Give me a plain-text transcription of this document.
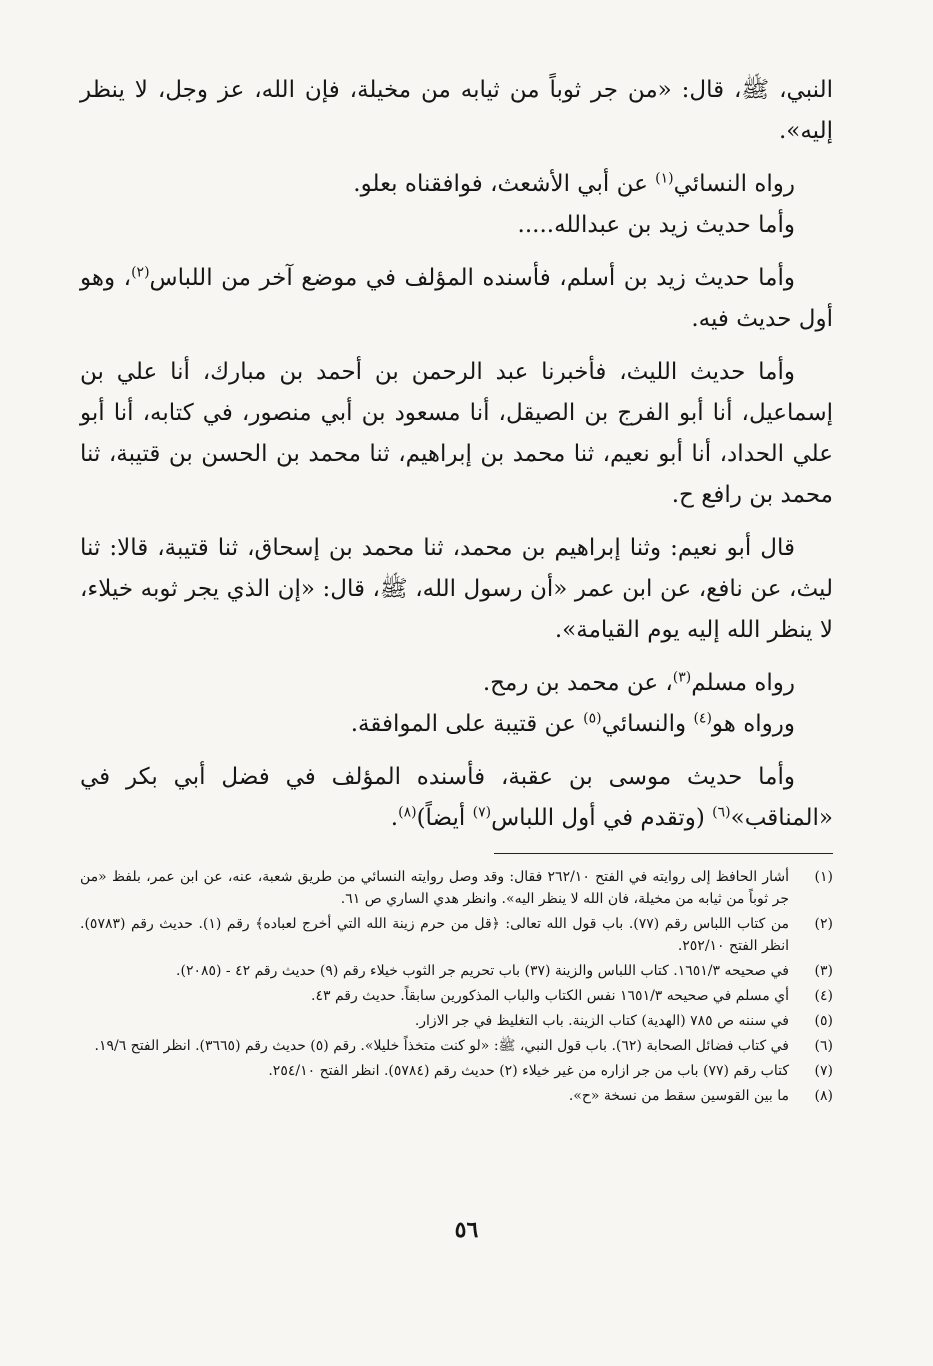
النبي، ﷺ، قال: «من جر ثوباً من ثيابه من مخيلة، فإن الله، عز وجل، لا ينظر إليه».

رواه النسائي$^{(١)}$ عن أبي الأشعث، فوافقناه بعلو.

وأما حديث زيد بن عبدالله.....

وأما حديث زيد بن أسلم، فأسنده المؤلف في موضع آخر من اللباس$^{(٢)}$، وهو أول حديث فيه.

وأما حديث الليث، فأخبرنا عبد الرحمن بن أحمد بن مبارك، أنا علي بن إسماعيل، أنا أبو الفرج بن الصيقل، أنا مسعود بن أبي منصور، في كتابه، أنا أبو علي الحداد، أنا أبو نعيم، ثنا محمد بن إبراهيم، ثنا محمد بن الحسن بن قتيبة، ثنا محمد بن رافع ح.

قال أبو نعيم: وثنا إبراهيم بن محمد، ثنا محمد بن إسحاق، ثنا قتيبة، قالا: ثنا ليث، عن نافع، عن ابن عمر «أن رسول الله، ﷺ، قال: «إن الذي يجر ثوبه خيلاء، لا ينظر الله إليه يوم القيامة».

رواه مسلم$^{(٣)}$، عن محمد بن رمح.

ورواه هو$^{(٤)}$ والنسائي$^{(٥)}$ عن قتيبة على الموافقة.

وأما حديث موسى بن عقبة، فأسنده المؤلف في فضل أبي بكر في «المناقب»$^{(٦)}$ (وتقدم في أول اللباس$^{(٧)}$ أيضاً)$^{(٨)}$.

(١)
أشار الحافظ إلى روايته في الفتح ٢٦٢/١٠ فقال: وقد وصل روايته النسائي من طريق شعبة، عنه، عن ابن عمر، بلفظ «من جر ثوباً من ثيابه من مخيلة، فان الله لا ينظر اليه». وانظر هدي الساري ص ٦١.
(٢)
من كتاب اللباس رقم (٧٧). باب قول الله تعالى: ﴿قل من حرم زينة الله التي أخرج لعباده﴾ رقم (١). حديث رقم (٥٧٨٣). انظر الفتح ٢٥٢/١٠.
(٣)
في صحيحه ١٦٥١/٣. كتاب اللباس والزينة (٣٧) باب تحريم جر الثوب خيلاء رقم (٩) حديث رقم ٤٢ - (٢٠٨٥).
(٤)
أي مسلم في صحيحه ١٦٥١/٣ نفس الكتاب والباب المذكورين سابقاً. حديث رقم ٤٣.
(٥)
في سننه ص ٧٨٥ (الهدية) كتاب الزينة. باب التغليظ في جر الازار.
(٦)
في كتاب فضائل الصحابة (٦٢). باب قول النبي، ﷺ: «لو كنت متخذاً خليلا». رقم (٥) حديث رقم (٣٦٦٥). انظر الفتح ١٩/٦.
(٧)
كتاب رقم (٧٧) باب من جر ازاره من غير خيلاء (٢) حديث رقم (٥٧٨٤). انظر الفتح ٢٥٤/١٠.
(٨)
ما بين القوسين سقط من نسخة «ح».
٥٦
